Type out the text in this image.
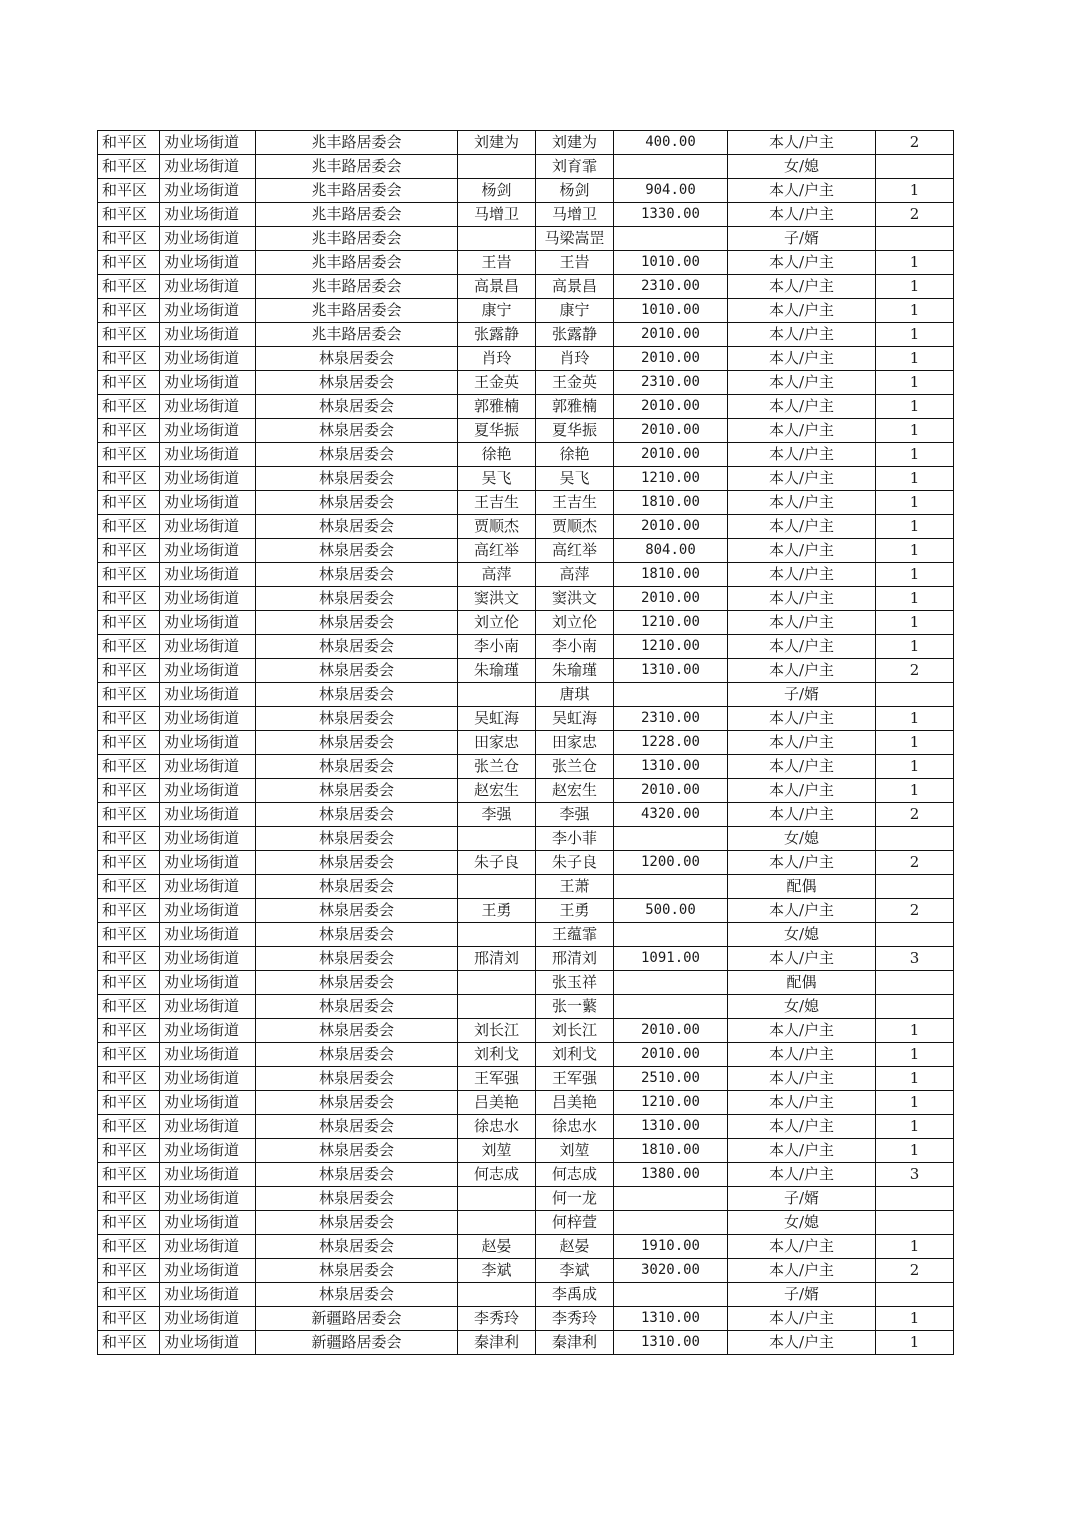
和平区	劝业场街道	兆丰路居委会	刘建为	刘建为	400.00	本人/户主	2
和平区	劝业场街道	兆丰路居委会		刘育霏		女/媳	
和平区	劝业场街道	兆丰路居委会	杨剑	杨剑	904.00	本人/户主	1
和平区	劝业场街道	兆丰路居委会	马增卫	马增卫	1330.00	本人/户主	2
和平区	劝业场街道	兆丰路居委会		马梁嵩罡		子/婿	
和平区	劝业场街道	兆丰路居委会	王旹	王旹	1010.00	本人/户主	1
和平区	劝业场街道	兆丰路居委会	高景昌	高景昌	2310.00	本人/户主	1
和平区	劝业场街道	兆丰路居委会	康宁	康宁	1010.00	本人/户主	1
和平区	劝业场街道	兆丰路居委会	张露静	张露静	2010.00	本人/户主	1
和平区	劝业场街道	林泉居委会	肖玲	肖玲	2010.00	本人/户主	1
和平区	劝业场街道	林泉居委会	王金英	王金英	2310.00	本人/户主	1
和平区	劝业场街道	林泉居委会	郭雅楠	郭雅楠	2010.00	本人/户主	1
和平区	劝业场街道	林泉居委会	夏华振	夏华振	2010.00	本人/户主	1
和平区	劝业场街道	林泉居委会	徐艳	徐艳	2010.00	本人/户主	1
和平区	劝业场街道	林泉居委会	吴飞	吴飞	1210.00	本人/户主	1
和平区	劝业场街道	林泉居委会	王吉生	王吉生	1810.00	本人/户主	1
和平区	劝业场街道	林泉居委会	贾顺杰	贾顺杰	2010.00	本人/户主	1
和平区	劝业场街道	林泉居委会	高红举	高红举	804.00	本人/户主	1
和平区	劝业场街道	林泉居委会	高萍	高萍	1810.00	本人/户主	1
和平区	劝业场街道	林泉居委会	窦洪文	窦洪文	2010.00	本人/户主	1
和平区	劝业场街道	林泉居委会	刘立伦	刘立伦	1210.00	本人/户主	1
和平区	劝业场街道	林泉居委会	李小南	李小南	1210.00	本人/户主	1
和平区	劝业场街道	林泉居委会	朱瑜瑾	朱瑜瑾	1310.00	本人/户主	2
和平区	劝业场街道	林泉居委会		唐琪		子/婿	
和平区	劝业场街道	林泉居委会	吴虹海	吴虹海	2310.00	本人/户主	1
和平区	劝业场街道	林泉居委会	田家忠	田家忠	1228.00	本人/户主	1
和平区	劝业场街道	林泉居委会	张兰仓	张兰仓	1310.00	本人/户主	1
和平区	劝业场街道	林泉居委会	赵宏生	赵宏生	2010.00	本人/户主	1
和平区	劝业场街道	林泉居委会	李强	李强	4320.00	本人/户主	2
和平区	劝业场街道	林泉居委会		李小菲		女/媳	
和平区	劝业场街道	林泉居委会	朱子良	朱子良	1200.00	本人/户主	2
和平区	劝业场街道	林泉居委会		王萧		配偶	
和平区	劝业场街道	林泉居委会	王勇	王勇	500.00	本人/户主	2
和平区	劝业场街道	林泉居委会		王蕴霏		女/媳	
和平区	劝业场街道	林泉居委会	邢清刘	邢清刘	1091.00	本人/户主	3
和平区	劝业场街道	林泉居委会		张玉祥		配偶	
和平区	劝业场街道	林泉居委会		张一蘩		女/媳	
和平区	劝业场街道	林泉居委会	刘长江	刘长江	2010.00	本人/户主	1
和平区	劝业场街道	林泉居委会	刘利戈	刘利戈	2010.00	本人/户主	1
和平区	劝业场街道	林泉居委会	王军强	王军强	2510.00	本人/户主	1
和平区	劝业场街道	林泉居委会	吕美艳	吕美艳	1210.00	本人/户主	1
和平区	劝业场街道	林泉居委会	徐忠水	徐忠水	1310.00	本人/户主	1
和平区	劝业场街道	林泉居委会	刘堃	刘堃	1810.00	本人/户主	1
和平区	劝业场街道	林泉居委会	何志成	何志成	1380.00	本人/户主	3
和平区	劝业场街道	林泉居委会		何一龙		子/婿	
和平区	劝业场街道	林泉居委会		何梓萱		女/媳	
和平区	劝业场街道	林泉居委会	赵晏	赵晏	1910.00	本人/户主	1
和平区	劝业场街道	林泉居委会	李斌	李斌	3020.00	本人/户主	2
和平区	劝业场街道	林泉居委会		李禹成		子/婿	
和平区	劝业场街道	新疆路居委会	李秀玲	李秀玲	1310.00	本人/户主	1
和平区	劝业场街道	新疆路居委会	秦津利	秦津利	1310.00	本人/户主	1
